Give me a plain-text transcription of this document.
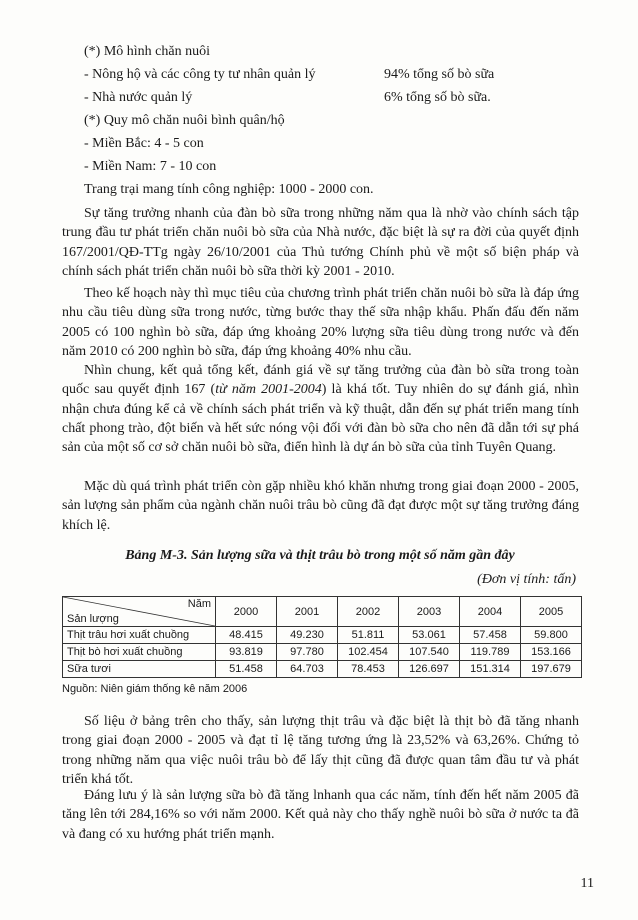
(*) Mô hình chăn nuôi
- Nông hộ và các công ty tư nhân quản lý	94% tổng số bò sữa
- Nhà nước quản lý	6% tổng số bò sữa.
(*) Quy mô chăn nuôi bình quân/hộ
- Miền Bắc: 4 - 5 con
- Miền Nam: 7 - 10 con
Trang trại mang tính công nghiệp: 1000 - 2000 con.

Sự tăng trưởng nhanh của đàn bò sữa trong những năm qua là nhờ vào chính sách tập trung đầu tư phát triển chăn nuôi bò sữa của Nhà nước, đặc biệt là sự ra đời của quyết định 167/2001/QĐ-TTg ngày 26/10/2001 của Thủ tướng Chính phủ về một số biện pháp và chính sách phát triển chăn nuôi bò sữa thời kỳ 2001 - 2010.

Theo kế hoạch này thì mục tiêu của chương trình phát triển chăn nuôi bò sữa là đáp ứng nhu cầu tiêu dùng sữa trong nước, từng bước thay thế sữa nhập khẩu. Phấn đấu đến năm 2005 có 100 nghìn bò sữa, đáp ứng khoảng 20% lượng sữa tiêu dùng trong nước và đến năm 2010 có 200 nghìn bò sữa, đáp ứng khoảng 40% nhu cầu.

Nhìn chung, kết quả tổng kết, đánh giá về sự tăng trưởng của đàn bò sữa trong toàn quốc sau quyết định 167 (từ năm 2001-2004) là khá tốt. Tuy nhiên do sự đánh giá, nhìn nhận chưa đúng kể cả về chính sách phát triển và kỹ thuật, dẫn đến sự phát triển mang tính chất phong trào, đột biến và hết sức nóng vội đối với đàn bò sữa cho nên đã dẫn tới sự phá sản của một số cơ sở chăn nuôi bò sữa, điển hình là dự án bò sữa của tỉnh Tuyên Quang.

Mặc dù quá trình phát triển còn gặp nhiều khó khăn nhưng trong giai đoạn 2000 - 2005, sản lượng sản phẩm của ngành chăn nuôi trâu bò cũng đã đạt được một sự tăng trưởng đáng khích lệ.

Bảng M-3. Sản lượng sữa và thịt trâu bò trong một số năm gần đây
(Đơn vị tính: tấn)
Năm
Sản lượng	2000	2001	2002	2003	2004	2005
Thịt trâu hơi xuất chuồng	48.415	49.230	51.811	53.061	57.458	59.800
Thịt bò hơi xuất chuồng	93.819	97.780	102.454	107.540	119.789	153.166
Sữa tươi	51.458	64.703	78.453	126.697	151.314	197.679
Nguồn: Niên giám thống kê năm 2006

Số liệu ở bảng trên cho thấy, sản lượng thịt trâu và đặc biệt là thịt bò đã tăng nhanh trong giai đoạn 2000 - 2005 và đạt tỉ lệ tăng tương ứng là 23,52% và 63,26%. Chứng tỏ trong những năm qua việc nuôi trâu bò để lấy thịt cũng đã được quan tâm đầu tư và phát triển khá tốt.

Đáng lưu ý là sản lượng sữa bò đã tăng lnhanh qua các năm, tính đến hết năm 2005 đã tăng lên tới 284,16% so với năm 2000. Kết quả này cho thấy nghề nuôi bò sữa ở nước ta đã và đang có xu hướng phát triển mạnh.

11
